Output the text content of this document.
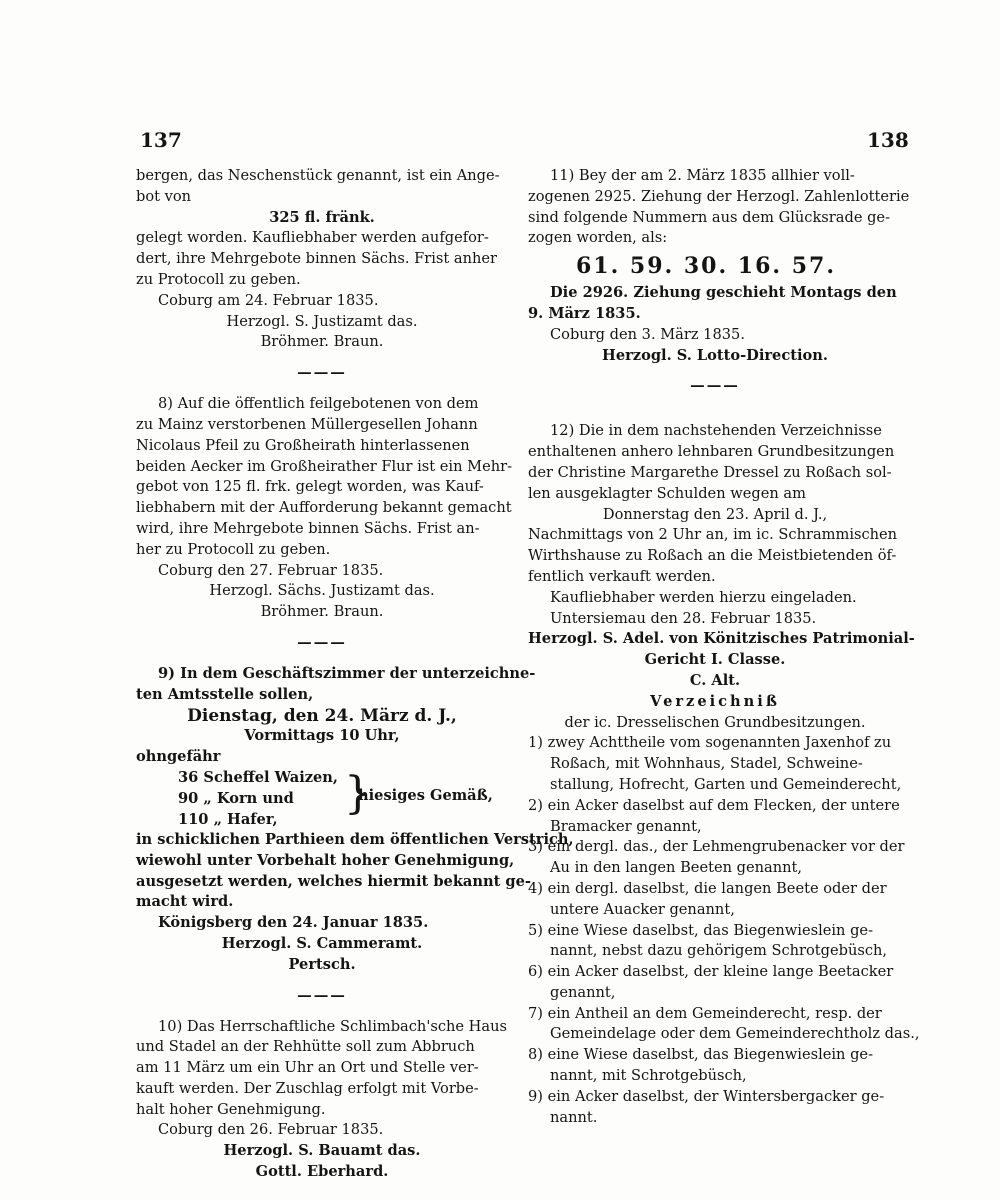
137	138
bergen, das Neschenstück genannt, ist ein Ange-
bot von
325 fl. fränk.
gelegt worden. Kaufliebhaber werden aufgefor-
dert, ihre Mehrgebote binnen Sächs. Frist anher
zu Protocoll zu geben.
Coburg am 24. Februar 1835.
Herzogl. S. Justizamt das.
Bröhmer. Braun.
———
8) Auf die öffentlich feilgebotenen von dem
zu Mainz verstorbenen Müllergesellen Johann
Nicolaus Pfeil zu Großheirath hinterlassenen
beiden Aecker im Großheirather Flur ist ein Mehr-
gebot von 125 fl. frk. gelegt worden, was Kauf-
liebhabern mit der Aufforderung bekannt gemacht
wird, ihre Mehrgebote binnen Sächs. Frist an-
her zu Protocoll zu geben.
Coburg den 27. Februar 1835.
Herzogl. Sächs. Justizamt das.
Bröhmer. Braun.
———
9) In dem Geschäftszimmer der unterzeichne-
ten Amtsstelle sollen,
Dienstag, den 24. März d. J.,
Vormittags 10 Uhr,
ohngefähr
36 Scheffel Waizen,
90 „ Korn und
110 „ Hafer,
}
hiesiges Gemäß,
in schicklichen Parthieen dem öffentlichen Verstrich,
wiewohl unter Vorbehalt hoher Genehmigung,
ausgesetzt werden, welches hiermit bekannt ge-
macht wird.
Königsberg den 24. Januar 1835.
Herzogl. S. Cammeramt.
Pertsch.
———
10) Das Herrschaftliche Schlimbach'sche Haus
und Stadel an der Rehhütte soll zum Abbruch
am 11 März um ein Uhr an Ort und Stelle ver-
kauft werden. Der Zuschlag erfolgt mit Vorbe-
halt hoher Genehmigung.
Coburg den 26. Februar 1835.
Herzogl. S. Bauamt das.
Gottl. Eberhard.
11) Bey der am 2. März 1835 allhier voll-
zogenen 2925. Ziehung der Herzogl. Zahlenlotterie
sind folgende Nummern aus dem Glücksrade ge-
zogen worden, als:
61. 59. 30. 16. 57.
Die 2926. Ziehung geschieht Montags den
9. März 1835.
Coburg den 3. März 1835.
Herzogl. S. Lotto-Direction.
———
12) Die in dem nachstehenden Verzeichnisse
enthaltenen anhero lehnbaren Grundbesitzungen
der Christine Margarethe Dressel zu Roßach sol-
len ausgeklagter Schulden wegen am
Donnerstag den 23. April d. J.,
Nachmittags von 2 Uhr an, im ic. Schrammischen
Wirthshause zu Roßach an die Meistbietenden öf-
fentlich verkauft werden.
Kaufliebhaber werden hierzu eingeladen.
Untersiemau den 28. Februar 1835.
Herzogl. S. Adel. von Könitzisches Patrimonial-
Gericht I. Classe.
C. Alt.
Verzeichniß
der ic. Dresselischen Grundbesitzungen.
1) zwey Achttheile vom sogenannten Jaxenhof zu
Roßach, mit Wohnhaus, Stadel, Schweine-
stallung, Hofrecht, Garten und Gemeinderecht,
2) ein Acker daselbst auf dem Flecken, der untere
Bramacker genannt,
3) ein dergl. das., der Lehmengrubenacker vor der
Au in den langen Beeten genannt,
4) ein dergl. daselbst, die langen Beete oder der
untere Auacker genannt,
5) eine Wiese daselbst, das Biegenwieslein ge-
nannt, nebst dazu gehörigem Schrotgebüsch,
6) ein Acker daselbst, der kleine lange Beetacker
genannt,
7) ein Antheil an dem Gemeinderecht, resp. der
Gemeindelage oder dem Gemeinderechtholz das.,
8) eine Wiese daselbst, das Biegenwieslein ge-
nannt, mit Schrotgebüsch,
9) ein Acker daselbst, der Wintersbergacker ge-
nannt.
